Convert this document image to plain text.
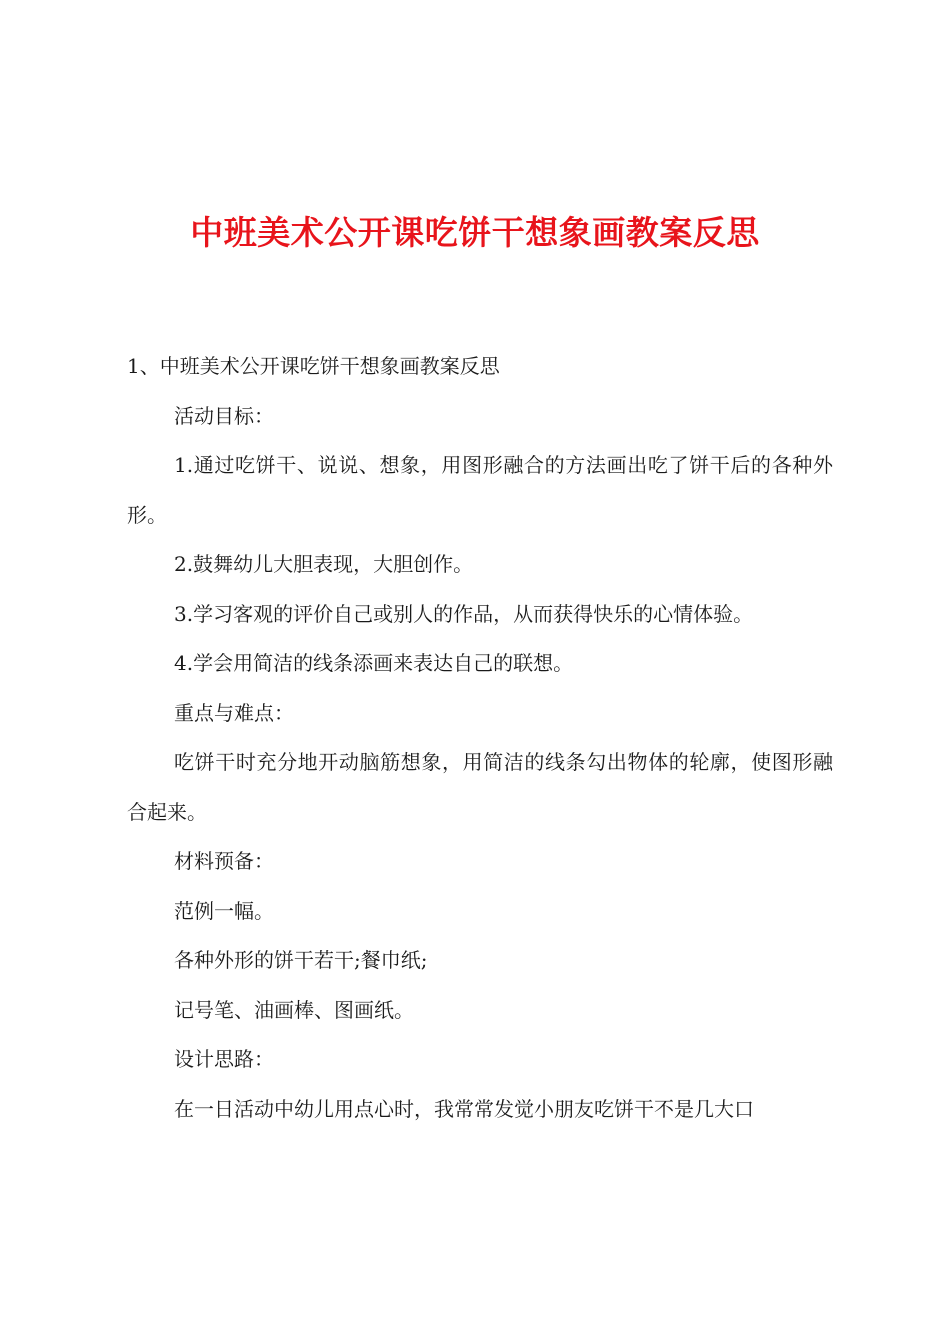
中班美术公开课吃饼干想象画教案反思

1、中班美术公开课吃饼干想象画教案反思

活动目标：

1.通过吃饼干、说说、想象，用图形融合的方法画出吃了饼干后的各种外形。

2.鼓舞幼儿大胆表现，大胆创作。

3.学习客观的评价自己或别人的作品，从而获得快乐的心情体验。

4.学会用简洁的线条添画来表达自己的联想。

重点与难点：

吃饼干时充分地开动脑筋想象，用简洁的线条勾出物体的轮廓，使图形融合起来。

材料预备：

范例一幅。

各种外形的饼干若干;餐巾纸;

记号笔、油画棒、图画纸。

设计思路：

在一日活动中幼儿用点心时，我常常发觉小朋友吃饼干不是几大口
